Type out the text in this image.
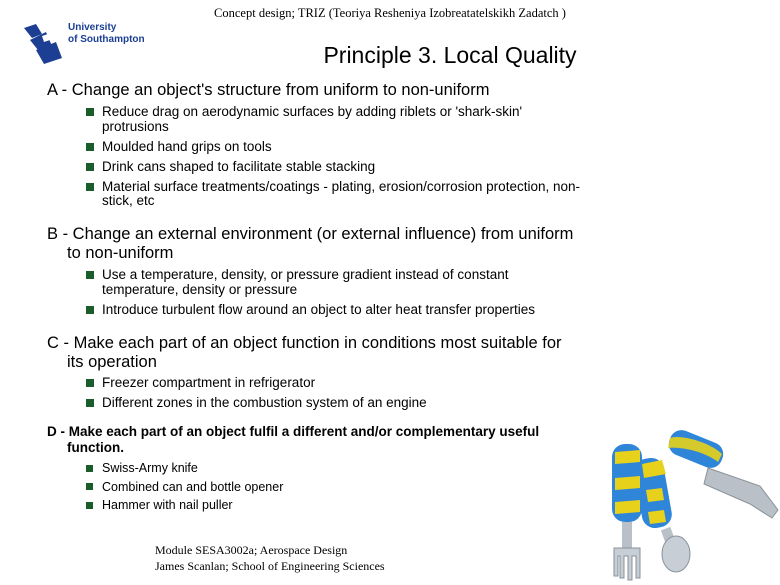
Concept design; TRIZ (Teoriya Resheniya Izobreatatelskikh Zadatch )
University
of Southampton
Principle 3. Local Quality
A - Change an object's structure from uniform to non-uniform
Reduce drag on aerodynamic surfaces by adding riblets or 'shark-skin'
protrusions
Moulded hand grips on tools
Drink cans shaped to facilitate stable stacking
Material surface treatments/coatings - plating, erosion/corrosion protection, non-
stick, etc
B - Change an external environment (or external influence) from uniform
to non-uniform
Use a temperature, density, or pressure gradient instead of constant
temperature, density or pressure
Introduce turbulent flow around an object to alter heat transfer properties
C - Make each part of an object function in conditions most suitable for
its operation
Freezer compartment in refrigerator
Different zones in the combustion system of an engine
D - Make each part of an object fulfil a different and/or complementary useful
function.
Swiss-Army knife
Combined can and bottle opener
Hammer with nail puller
Module SESA3002a; Aerospace Design
James Scanlan; School of Engineering Sciences
